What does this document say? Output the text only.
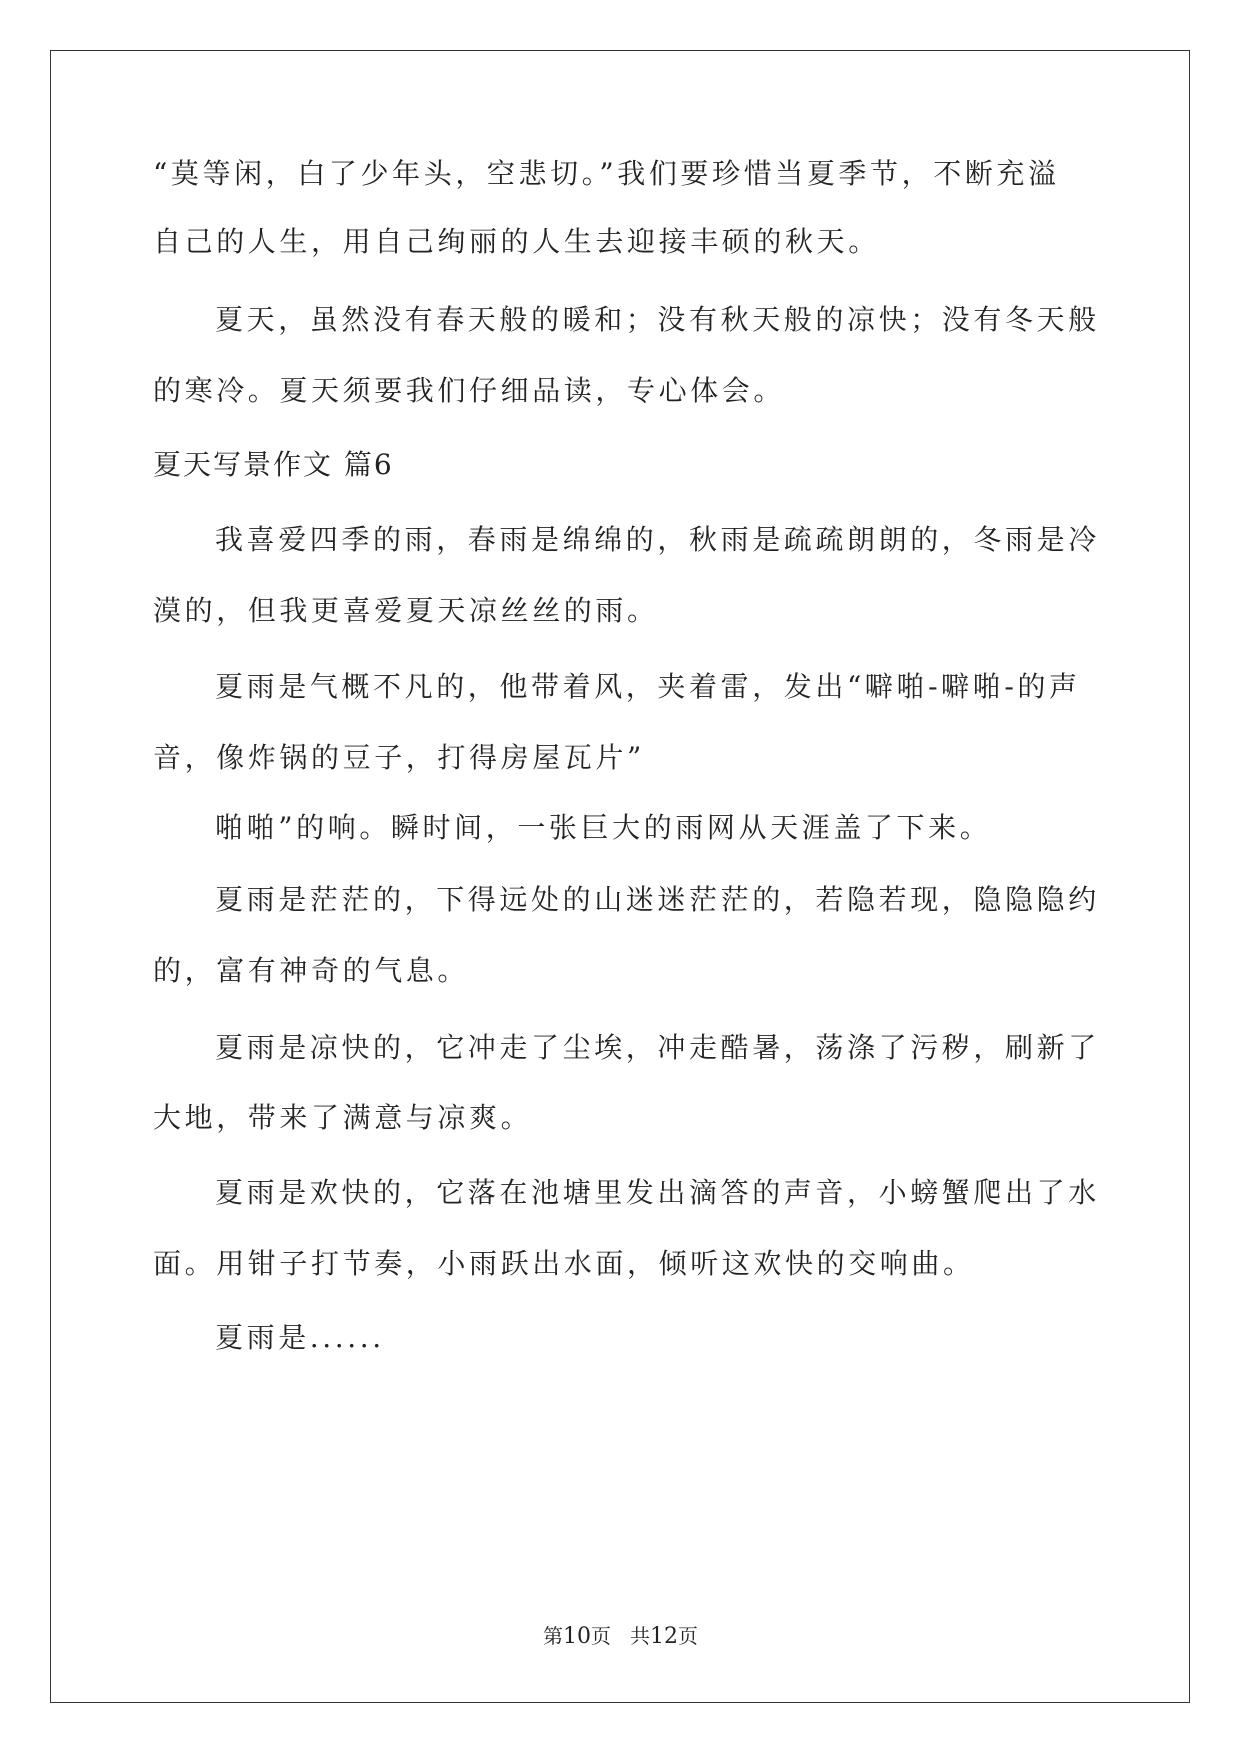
“莫等闲，白了少年头，空悲切。”我们要珍惜当夏季节，不断充溢
自己的人生，用自己绚丽的人生去迎接丰硕的秋天。
夏天，虽然没有春天般的暖和；没有秋天般的凉快；没有冬天般
的寒冷。夏天须要我们仔细品读，专心体会。
夏天写景作文 篇6
我喜爱四季的雨，春雨是绵绵的，秋雨是疏疏朗朗的，冬雨是冷
漠的，但我更喜爱夏天凉丝丝的雨。
夏雨是气概不凡的，他带着风，夹着雷，发出“噼啪-噼啪-的声
音，像炸锅的豆子，打得房屋瓦片”
啪啪”的响。瞬时间，一张巨大的雨网从天涯盖了下来。
夏雨是茫茫的，下得远处的山迷迷茫茫的，若隐若现，隐隐隐约
的，富有神奇的气息。
夏雨是凉快的，它冲走了尘埃，冲走酷暑，荡涤了污秽，刷新了
大地，带来了满意与凉爽。
夏雨是欢快的，它落在池塘里发出滴答的声音，小螃蟹爬出了水
面。用钳子打节奏，小雨跃出水面，倾听这欢快的交响曲。
夏雨是......
第10页 共12页
